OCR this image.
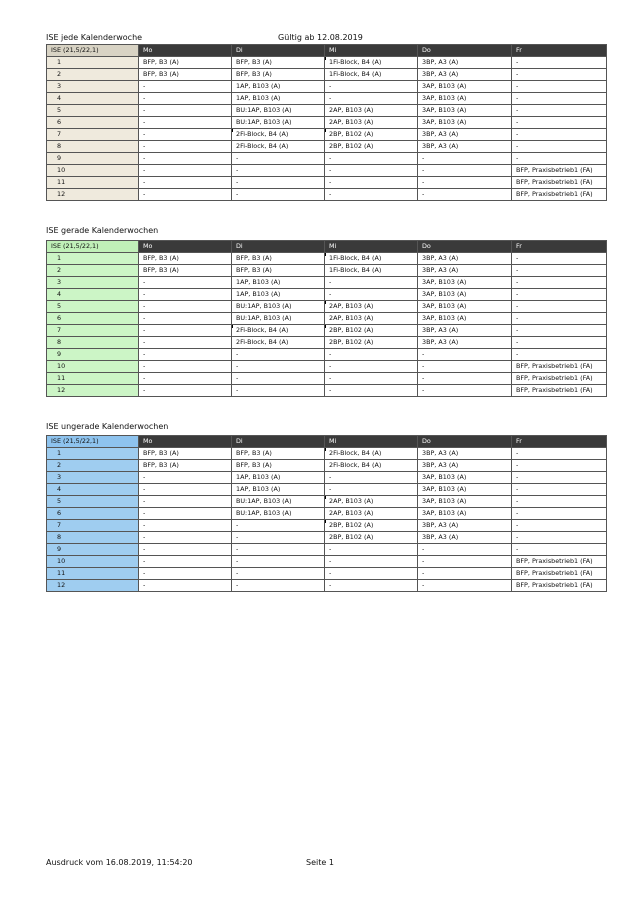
ISE jede Kalenderwoche	Gültig ab 12.08.2019
ISE (21,5/22,1)	Mo	Di	Mi	Do	Fr
1	BFP, B3 (A)	BFP, B3 (A)	1Fi-Block, B4 (A)	3BP, A3 (A)	-
2	BFP, B3 (A)	BFP, B3 (A)	1Fi-Block, B4 (A)	3BP, A3 (A)	-
3	-	1AP, B103 (A)	-	3AP, B103 (A)	-
4	-	1AP, B103 (A)	-	3AP, B103 (A)	-
5	-	BU:1AP, B103 (A)	2AP, B103 (A)	3AP, B103 (A)	-
6	-	BU:1AP, B103 (A)	2AP, B103 (A)	3AP, B103 (A)	-
7	-	2Fi-Block, B4 (A)	2BP, B102 (A)	3BP, A3 (A)	-
8	-	2Fi-Block, B4 (A)	2BP, B102 (A)	3BP, A3 (A)	-
9	-	-	-	-	-
10	-	-	-	-	BFP, Praxisbetrieb1 (FA)
11	-	-	-	-	BFP, Praxisbetrieb1 (FA)
12	-	-	-	-	BFP, Praxisbetrieb1 (FA)
ISE gerade Kalenderwochen
ISE (21,5/22,1)	Mo	Di	Mi	Do	Fr
1	BFP, B3 (A)	BFP, B3 (A)	1Fi-Block, B4 (A)	3BP, A3 (A)	-
2	BFP, B3 (A)	BFP, B3 (A)	1Fi-Block, B4 (A)	3BP, A3 (A)	-
3	-	1AP, B103 (A)	-	3AP, B103 (A)	-
4	-	1AP, B103 (A)	-	3AP, B103 (A)	-
5	-	BU:1AP, B103 (A)	2AP, B103 (A)	3AP, B103 (A)	-
6	-	BU:1AP, B103 (A)	2AP, B103 (A)	3AP, B103 (A)	-
7	-	2Fi-Block, B4 (A)	2BP, B102 (A)	3BP, A3 (A)	-
8	-	2Fi-Block, B4 (A)	2BP, B102 (A)	3BP, A3 (A)	-
9	-	-	-	-	-
10	-	-	-	-	BFP, Praxisbetrieb1 (FA)
11	-	-	-	-	BFP, Praxisbetrieb1 (FA)
12	-	-	-	-	BFP, Praxisbetrieb1 (FA)
ISE ungerade Kalenderwochen
ISE (21,5/22,1)	Mo	Di	Mi	Do	Fr
1	BFP, B3 (A)	BFP, B3 (A)	2Fi-Block, B4 (A)	3BP, A3 (A)	-
2	BFP, B3 (A)	BFP, B3 (A)	2Fi-Block, B4 (A)	3BP, A3 (A)	-
3	-	1AP, B103 (A)	-	3AP, B103 (A)	-
4	-	1AP, B103 (A)	-	3AP, B103 (A)	-
5	-	BU:1AP, B103 (A)	2AP, B103 (A)	3AP, B103 (A)	-
6	-	BU:1AP, B103 (A)	2AP, B103 (A)	3AP, B103 (A)	-
7	-	-	2BP, B102 (A)	3BP, A3 (A)	-
8	-	-	2BP, B102 (A)	3BP, A3 (A)	-
9	-	-	-	-	-
10	-	-	-	-	BFP, Praxisbetrieb1 (FA)
11	-	-	-	-	BFP, Praxisbetrieb1 (FA)
12	-	-	-	-	BFP, Praxisbetrieb1 (FA)
Ausdruck vom 16.08.2019, 11:54:20	Seite 1
